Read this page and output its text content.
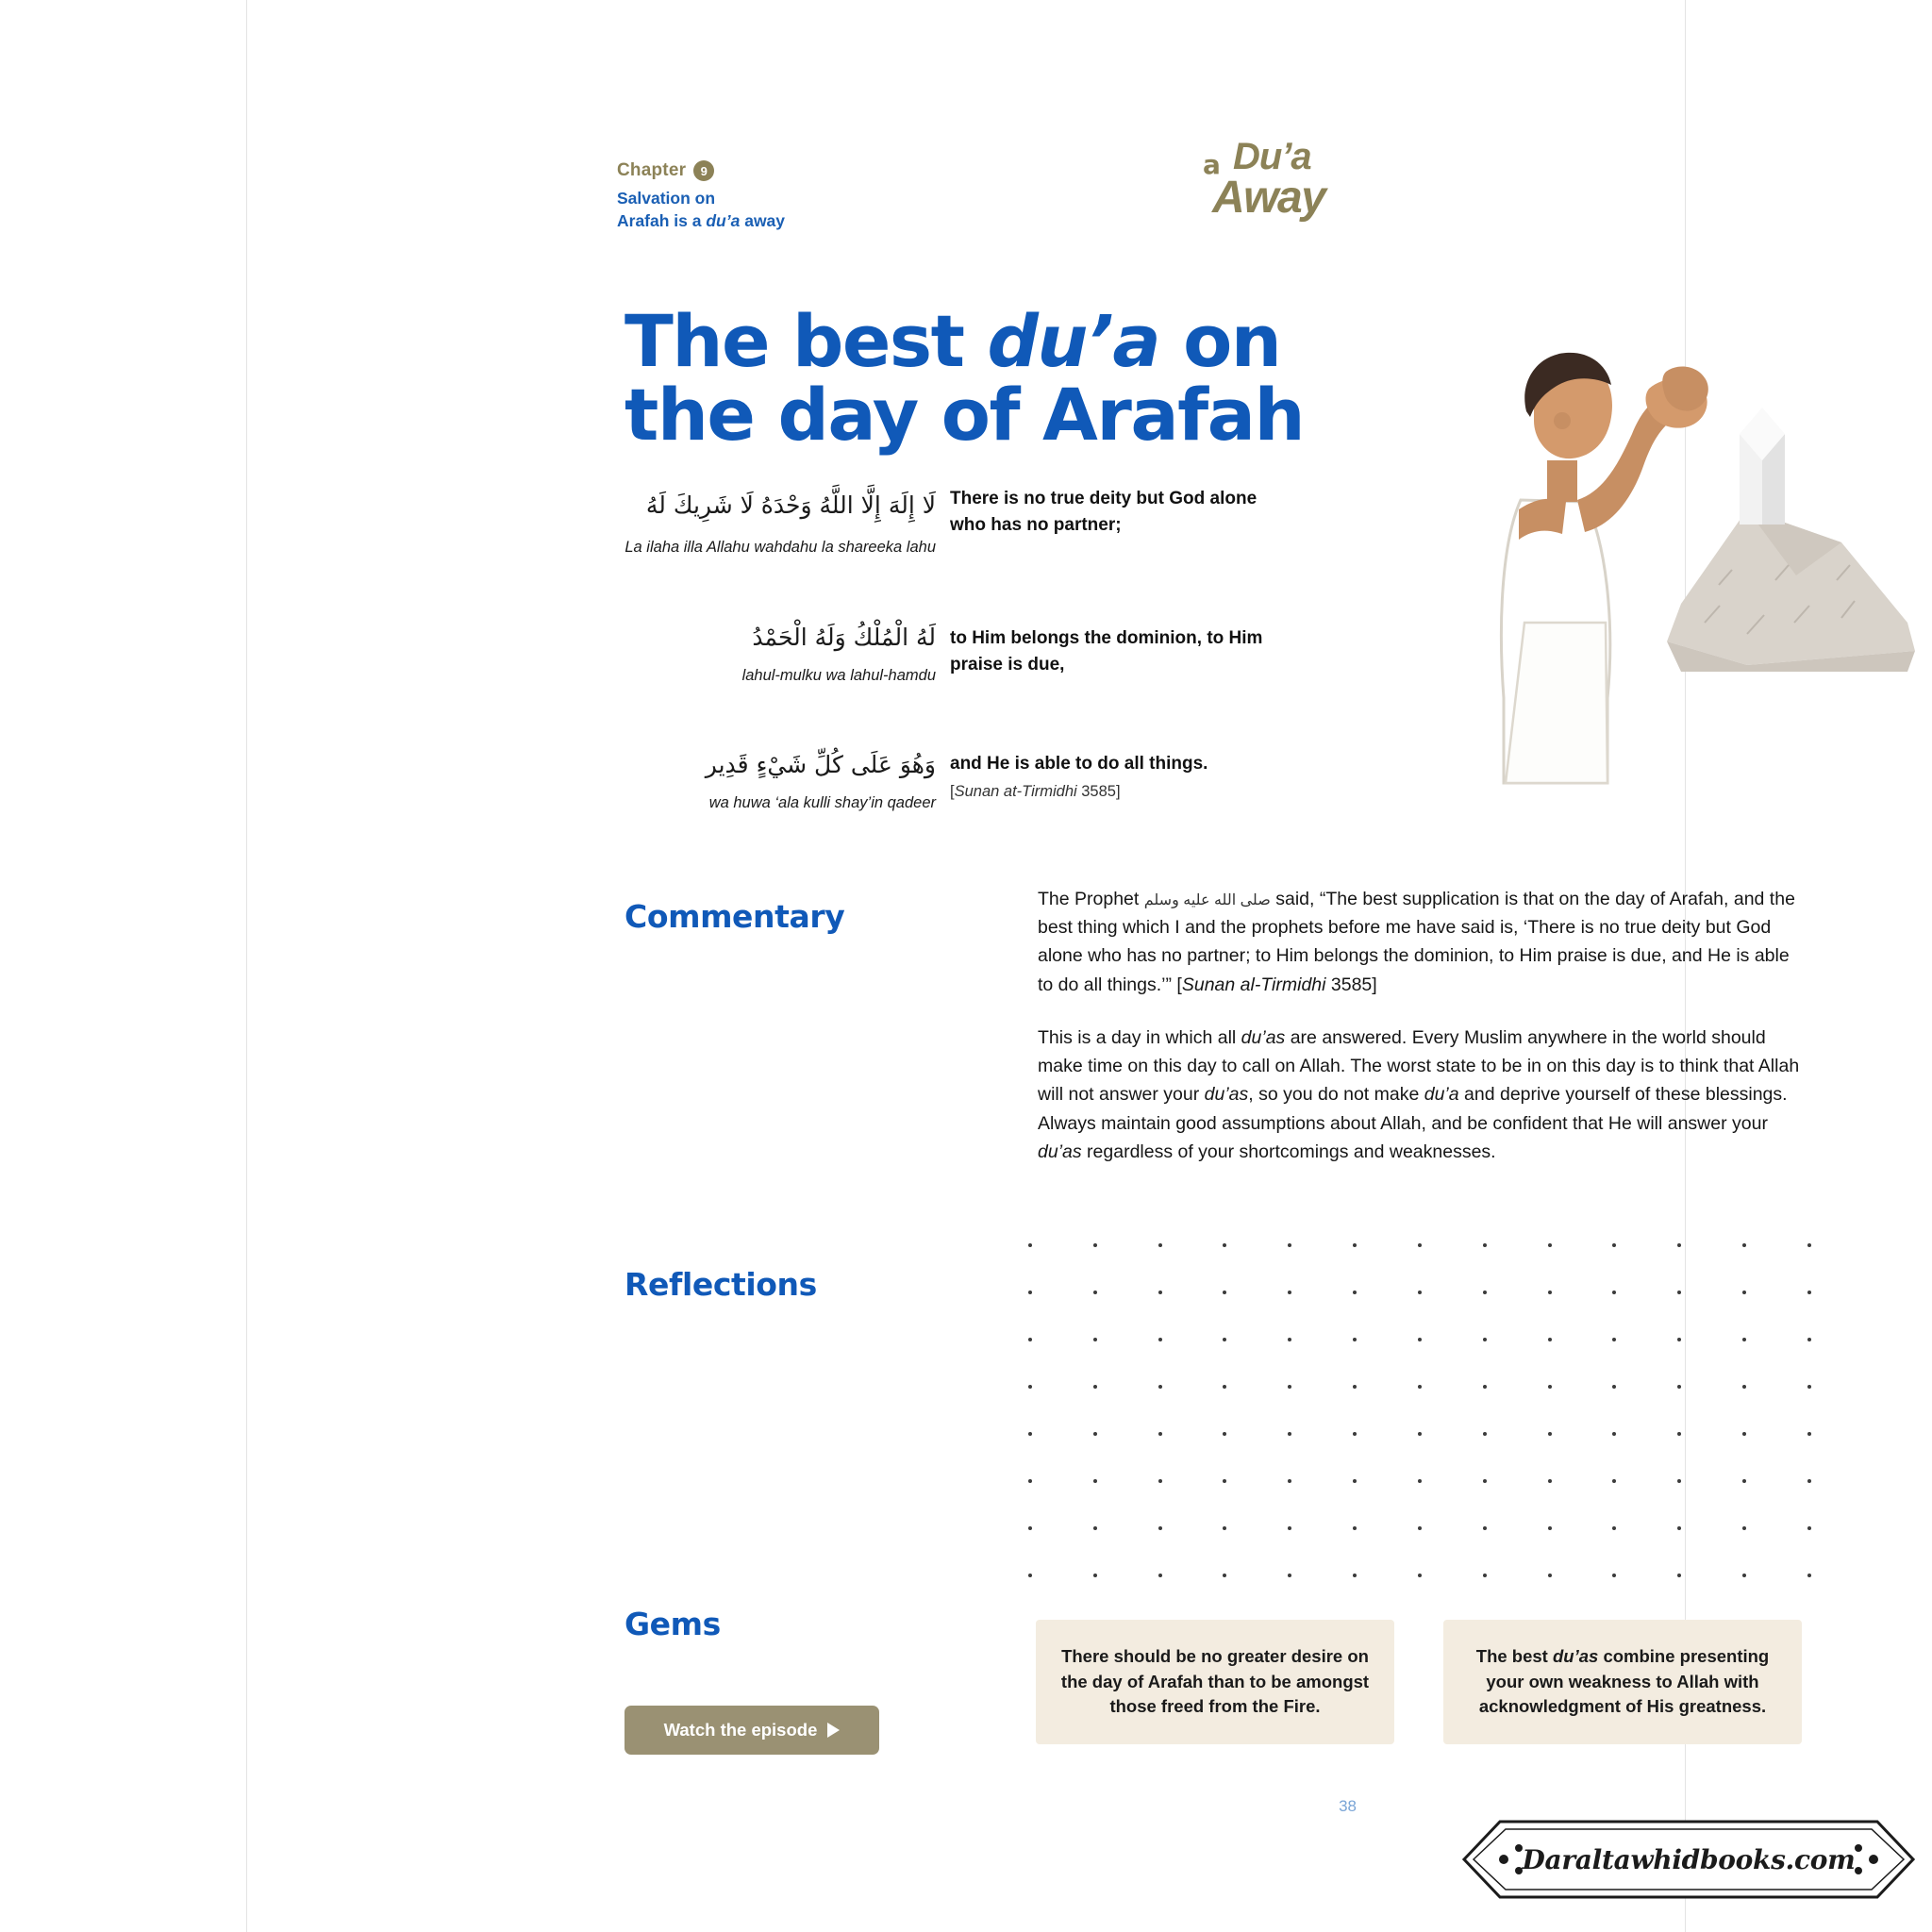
Chapter	9
Salvation on
Arafah is a du’a away
a Du’a
Away
The best du’a on
the day of Arafah
لَا إِلَهَ إِلَّا اللَّهُ وَحْدَهُ لَا شَرِيكَ لَهُ
La ilaha illa Allahu wahdahu la shareeka lahu
There is no true deity but God alone who has no partner;
لَهُ الْمُلْكُ وَلَهُ الْحَمْدُ
lahul-mulku wa lahul-hamdu
to Him belongs the dominion, to Him praise is due,
وَهُوَ عَلَى كُلِّ شَيْءٍ قَدِير
wa huwa ‘ala kulli shay’in qadeer
and He is able to do all things.
[Sunan at-Tirmidhi 3585]
Commentary	The Prophet صلى الله عليه وسلم said, “The best supplication is that on the day of Arafah, and the best thing which I and the prophets before me have said is, ‘There is no true deity but God alone who has no partner; to Him belongs the dominion, to Him praise is due, and He is able to do all things.’” [Sunan al-Tirmidhi 3585]

This is a day in which all du’as are answered. Every Muslim anywhere in the world should make time on this day to call on Allah. The worst state to be in on this day is to think that Allah will not answer your du’as, so you do not make du’a and deprive yourself of these blessings. Always maintain good assumptions about Allah, and be confident that He will answer your du’as regardless of your shortcomings and weaknesses.

Reflections
Gems
There should be no greater desire on the day of Arafah than to be amongst those freed from the Fire.
The best du’as combine presenting your own weakness to Allah with acknowledgment of His greatness.
Watch the episode
38
Daraltawhidbooks .com
